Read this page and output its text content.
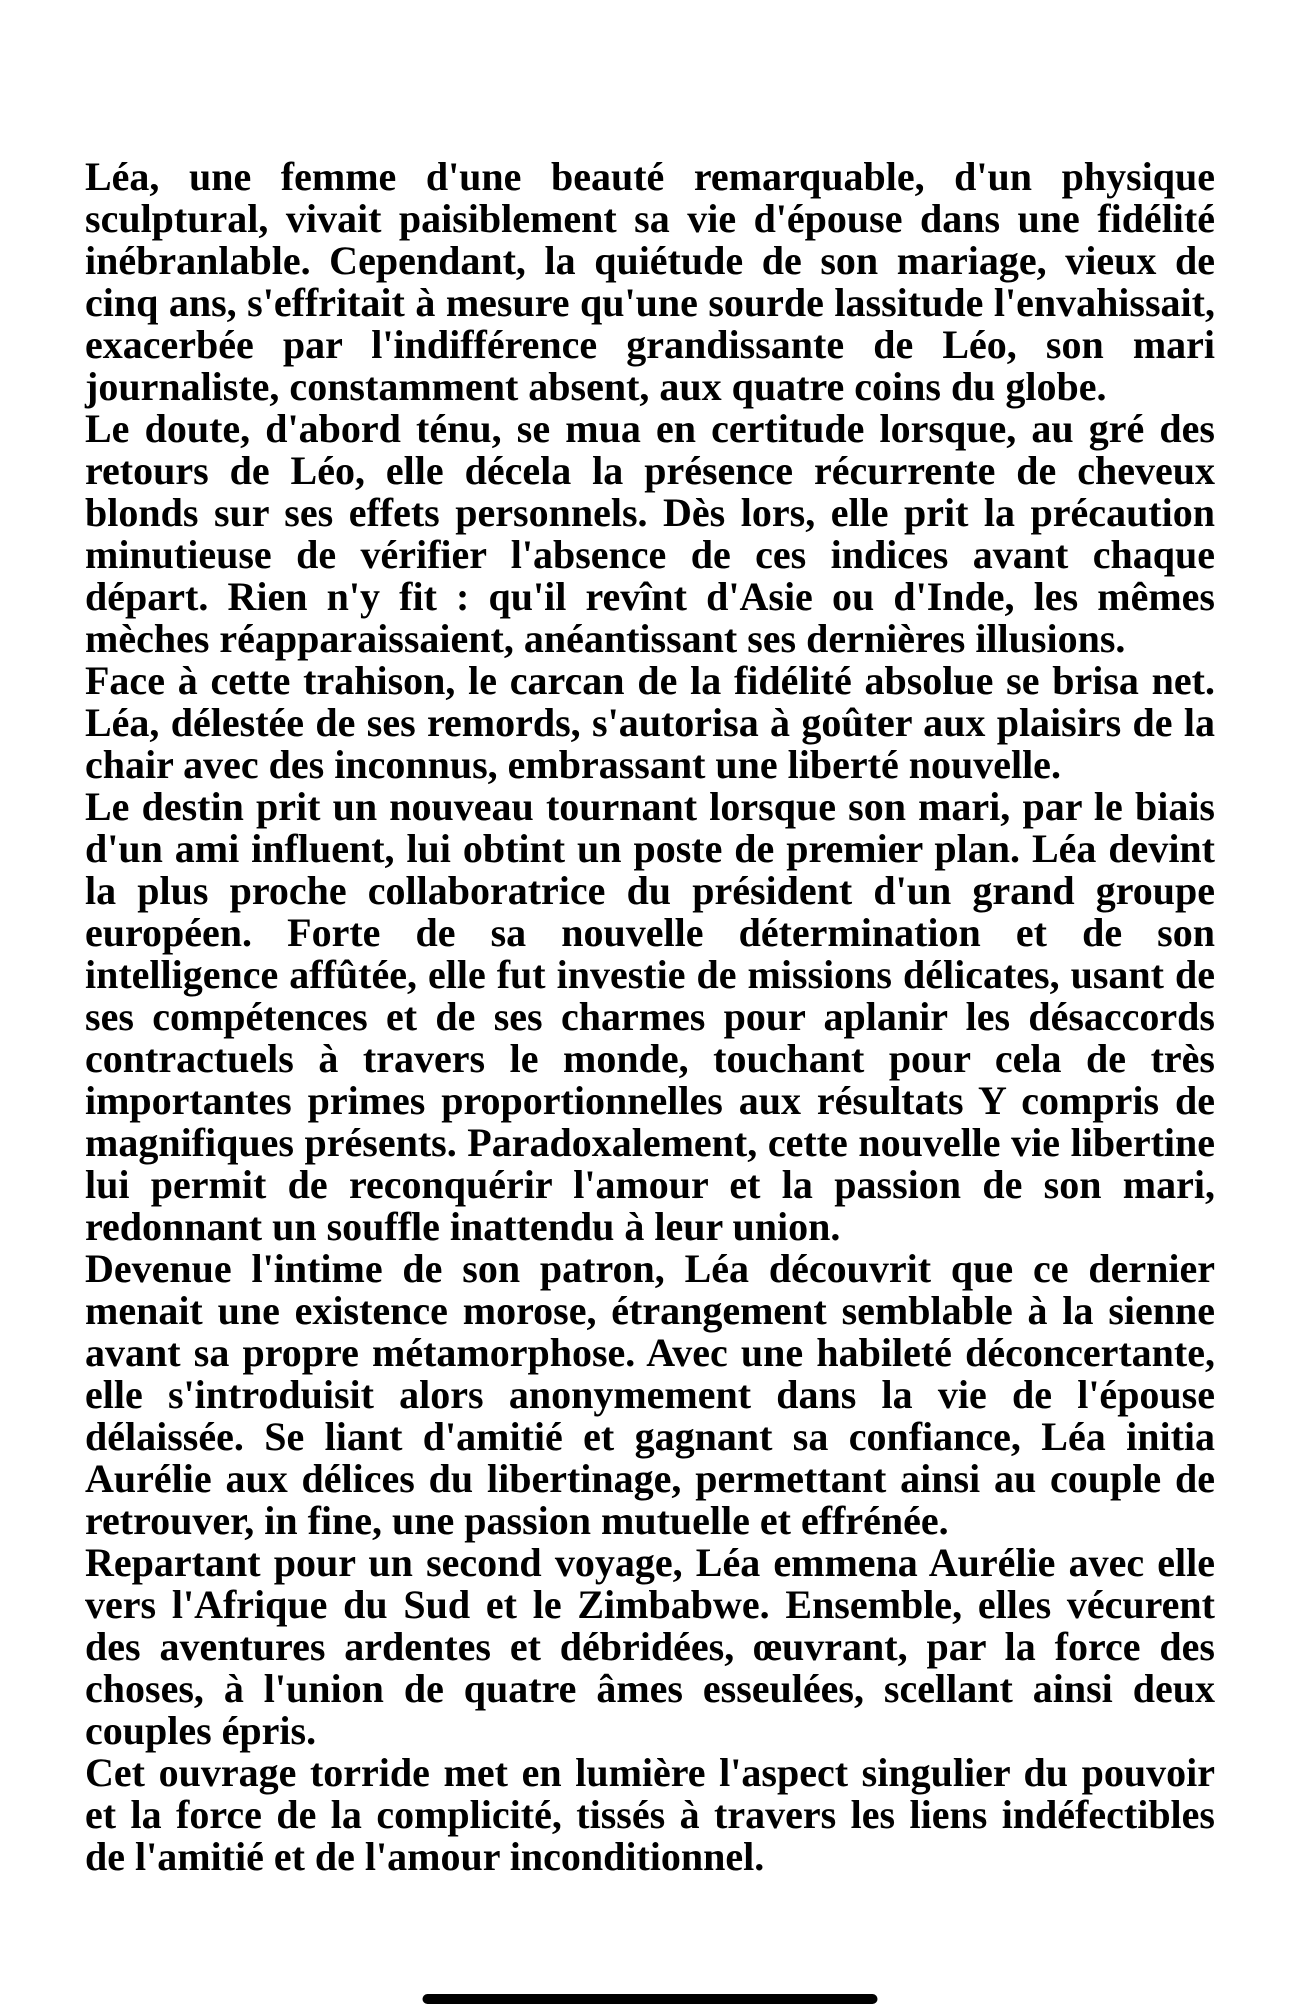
Léa, une femme d'une beauté remarquable, d'un physique sculptural, vivait paisiblement sa vie d'épouse dans une fidélité inébranlable. Cependant, la quiétude de son mariage, vieux de cinq ans, s'effritait à mesure qu'une sourde lassitude l'envahissait, exacerbée par l'indifférence grandissante de Léo, son mari journaliste, constamment absent, aux quatre coins du globe.

Le doute, d'abord ténu, se mua en certitude lorsque, au gré des retours de Léo, elle décela la présence récurrente de cheveux blonds sur ses effets personnels. Dès lors, elle prit la précaution minutieuse de vérifier l'absence de ces indices avant chaque départ. Rien n'y fit : qu'il revînt d'Asie ou d'Inde, les mêmes mèches réapparaissaient, anéantissant ses dernières illusions.

Face à cette trahison, le carcan de la fidélité absolue se brisa net. Léa, délestée de ses remords, s'autorisa à goûter aux plaisirs de la chair avec des inconnus, embrassant une liberté nouvelle.

Le destin prit un nouveau tournant lorsque son mari, par le biais d'un ami influent, lui obtint un poste de premier plan. Léa devint la plus proche collaboratrice du président d'un grand groupe européen. Forte de sa nouvelle détermination et de son intelligence affûtée, elle fut investie de missions délicates, usant de ses compétences et de ses charmes pour aplanir les désaccords contractuels à travers le monde, touchant pour cela de très importantes primes proportionnelles aux résultats Y compris de magnifiques présents. Paradoxalement, cette nouvelle vie libertine lui permit de reconquérir l'amour et la passion de son mari, redonnant un souffle inattendu à leur union.

Devenue l'intime de son patron, Léa découvrit que ce dernier menait une existence morose, étrangement semblable à la sienne avant sa propre métamorphose. Avec une habileté déconcertante, elle s'introduisit alors anonymement dans la vie de l'épouse délaissée. Se liant d'amitié et gagnant sa confiance, Léa initia Aurélie aux délices du libertinage, permettant ainsi au couple de retrouver, in fine, une passion mutuelle et effrénée.

Repartant pour un second voyage, Léa emmena Aurélie avec elle vers l'Afrique du Sud et le Zimbabwe. Ensemble, elles vécurent des aventures ardentes et débridées, œuvrant, par la force des choses, à l'union de quatre âmes esseulées, scellant ainsi deux couples épris.

Cet ouvrage torride met en lumière l'aspect singulier du pouvoir et la force de la complicité, tissés à travers les liens indéfectibles de l'amitié et de l'amour inconditionnel.
